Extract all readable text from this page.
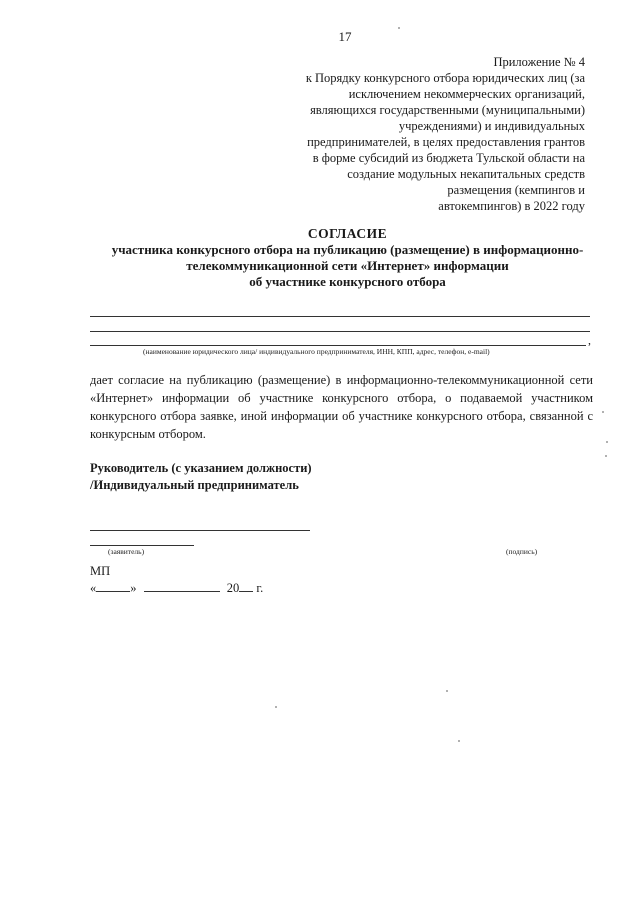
17
Приложение № 4
к Порядку конкурсного отбора юридических лиц (за
исключением некоммерческих организаций,
являющихся государственными (муниципальными)
учреждениями) и индивидуальных
предпринимателей, в целях предоставления грантов
в форме субсидий из бюджета Тульской области на
создание модульных некапитальных средств
размещения (кемпингов и
автокемпингов) в 2022 году
СОГЛАСИЕ
участника конкурсного отбора на публикацию (размещение) в информационно-
телекоммуникационной сети «Интернет» информации
об участнике конкурсного отбора
,
(наименование юридического лица/ индивидуального предпринимателя, ИНН, КПП, адрес, телефон, e-mail)
дает согласие на публикацию (размещение) в информационно-телекоммуникационной сети «Интернет» информации об участнике конкурсного отбора, о подаваемой участником конкурсного отбора заявке, иной информации об участнике конкурсного отбора, связанной с конкурсным отбором.
Руководитель (с указанием должности)
/Индивидуальный предприниматель
(заявитель)	(подпись)
МП
«	»	20 г.
